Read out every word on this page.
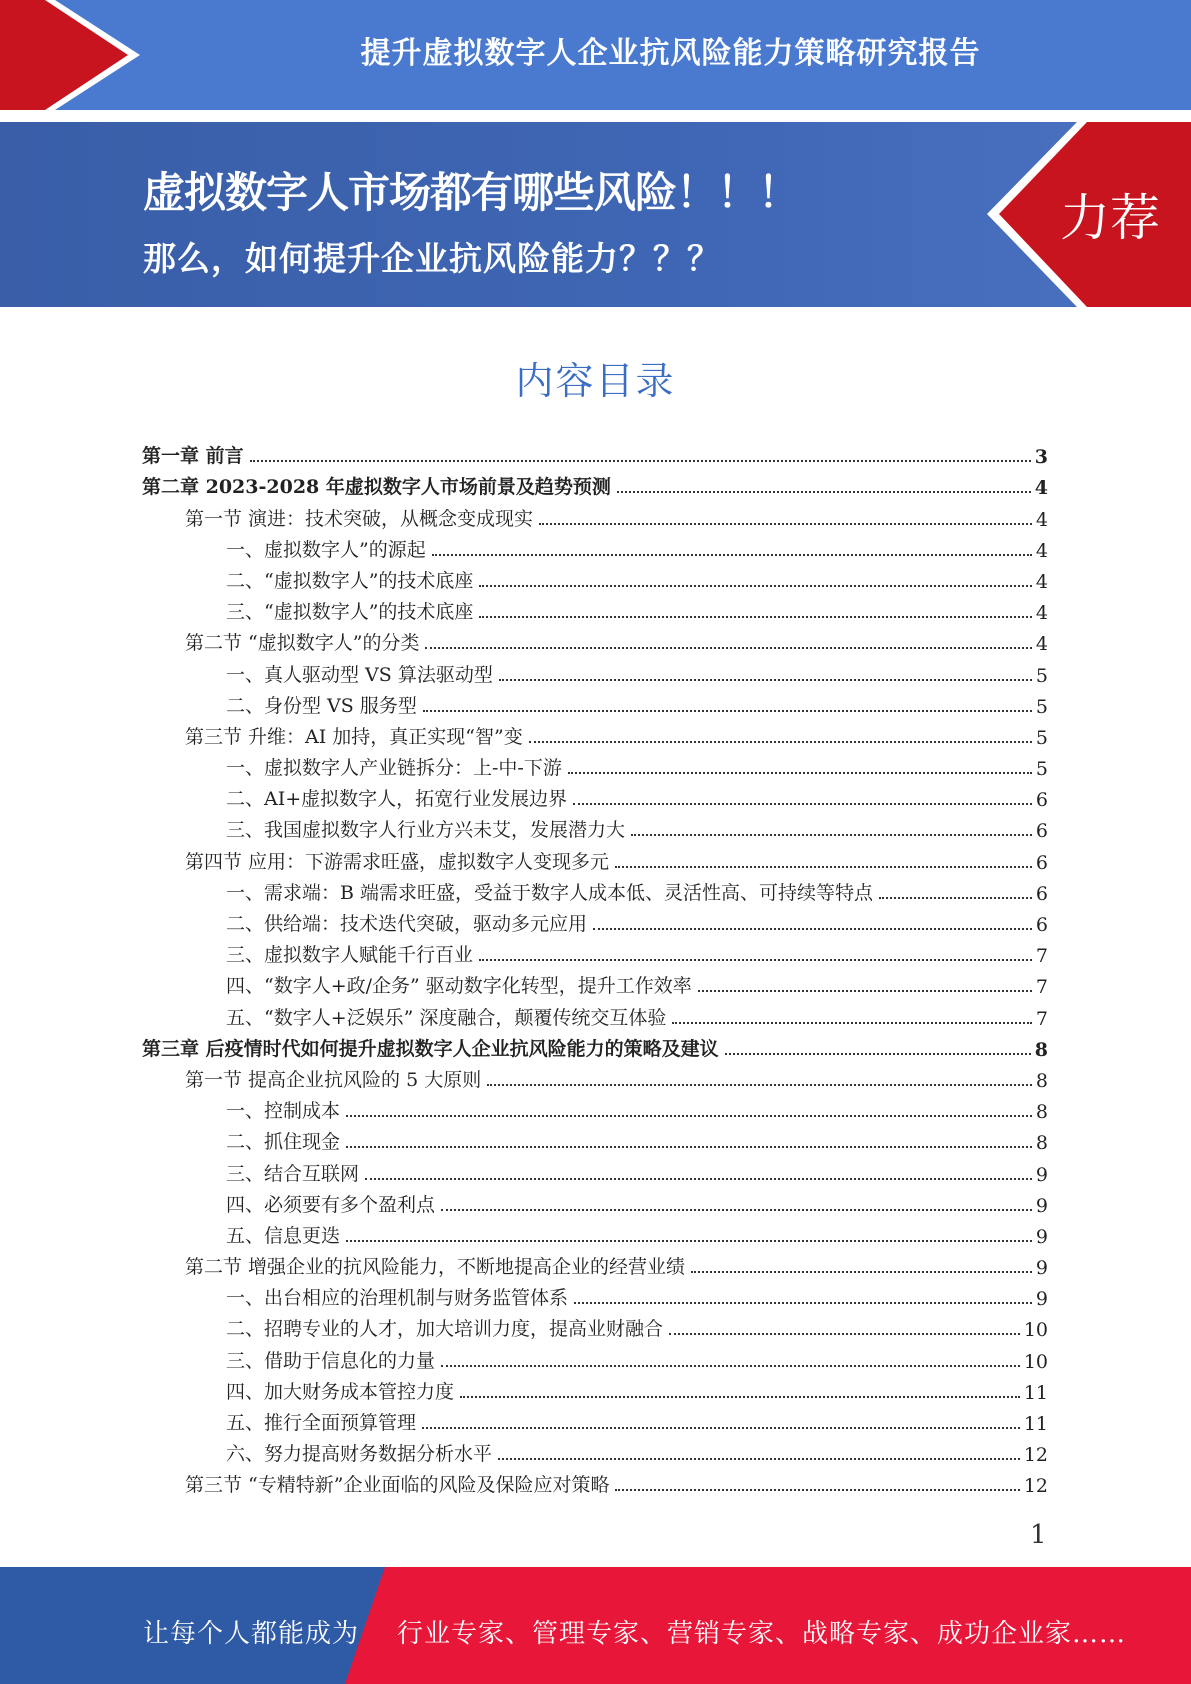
提升虚拟数字人企业抗风险能力策略研究报告
虚拟数字人市场都有哪些风险！！！
那么，如何提升企业抗风险能力？？？
力荐
内容目录
第一章 前言	3
第二章 2023-2028 年虚拟数字人市场前景及趋势预测	4
第一节 演进：技术突破，从概念变成现实	4
一、虚拟数字人”的源起	4
二、“虚拟数字人”的技术底座	4
三、“虚拟数字人”的技术底座	4
第二节 “虚拟数字人”的分类	4
一、真人驱动型 VS 算法驱动型	5
二、身份型 VS 服务型	5
第三节 升维：AI 加持，真正实现“智”变	5
一、虚拟数字人产业链拆分：上-中-下游	5
二、AI+虚拟数字人，拓宽行业发展边界	6
三、我国虚拟数字人行业方兴未艾，发展潜力大	6
第四节 应用：下游需求旺盛，虚拟数字人变现多元	6
一、需求端：B 端需求旺盛，受益于数字人成本低、灵活性高、可持续等特点	6
二、供给端：技术迭代突破，驱动多元应用	6
三、虚拟数字人赋能千行百业	7
四、“数字人+政/企务” 驱动数字化转型，提升工作效率	7
五、“数字人+泛娱乐” 深度融合，颠覆传统交互体验	7
第三章 后疫情时代如何提升虚拟数字人企业抗风险能力的策略及建议	8
第一节 提高企业抗风险的 5 大原则	8
一、控制成本	8
二、抓住现金	8
三、结合互联网	9
四、必须要有多个盈利点	9
五、信息更迭	9
第二节 增强企业的抗风险能力，不断地提高企业的经营业绩	9
一、出台相应的治理机制与财务监管体系	9
二、招聘专业的人才，加大培训力度，提高业财融合	10
三、借助于信息化的力量	10
四、加大财务成本管控力度	11
五、推行全面预算管理	11
六、努力提高财务数据分析水平	12
第三节 “专精特新”企业面临的风险及保险应对策略	12
1
让每个人都能成为 行业专家、管理专家、营销专家、战略专家、成功企业家……
